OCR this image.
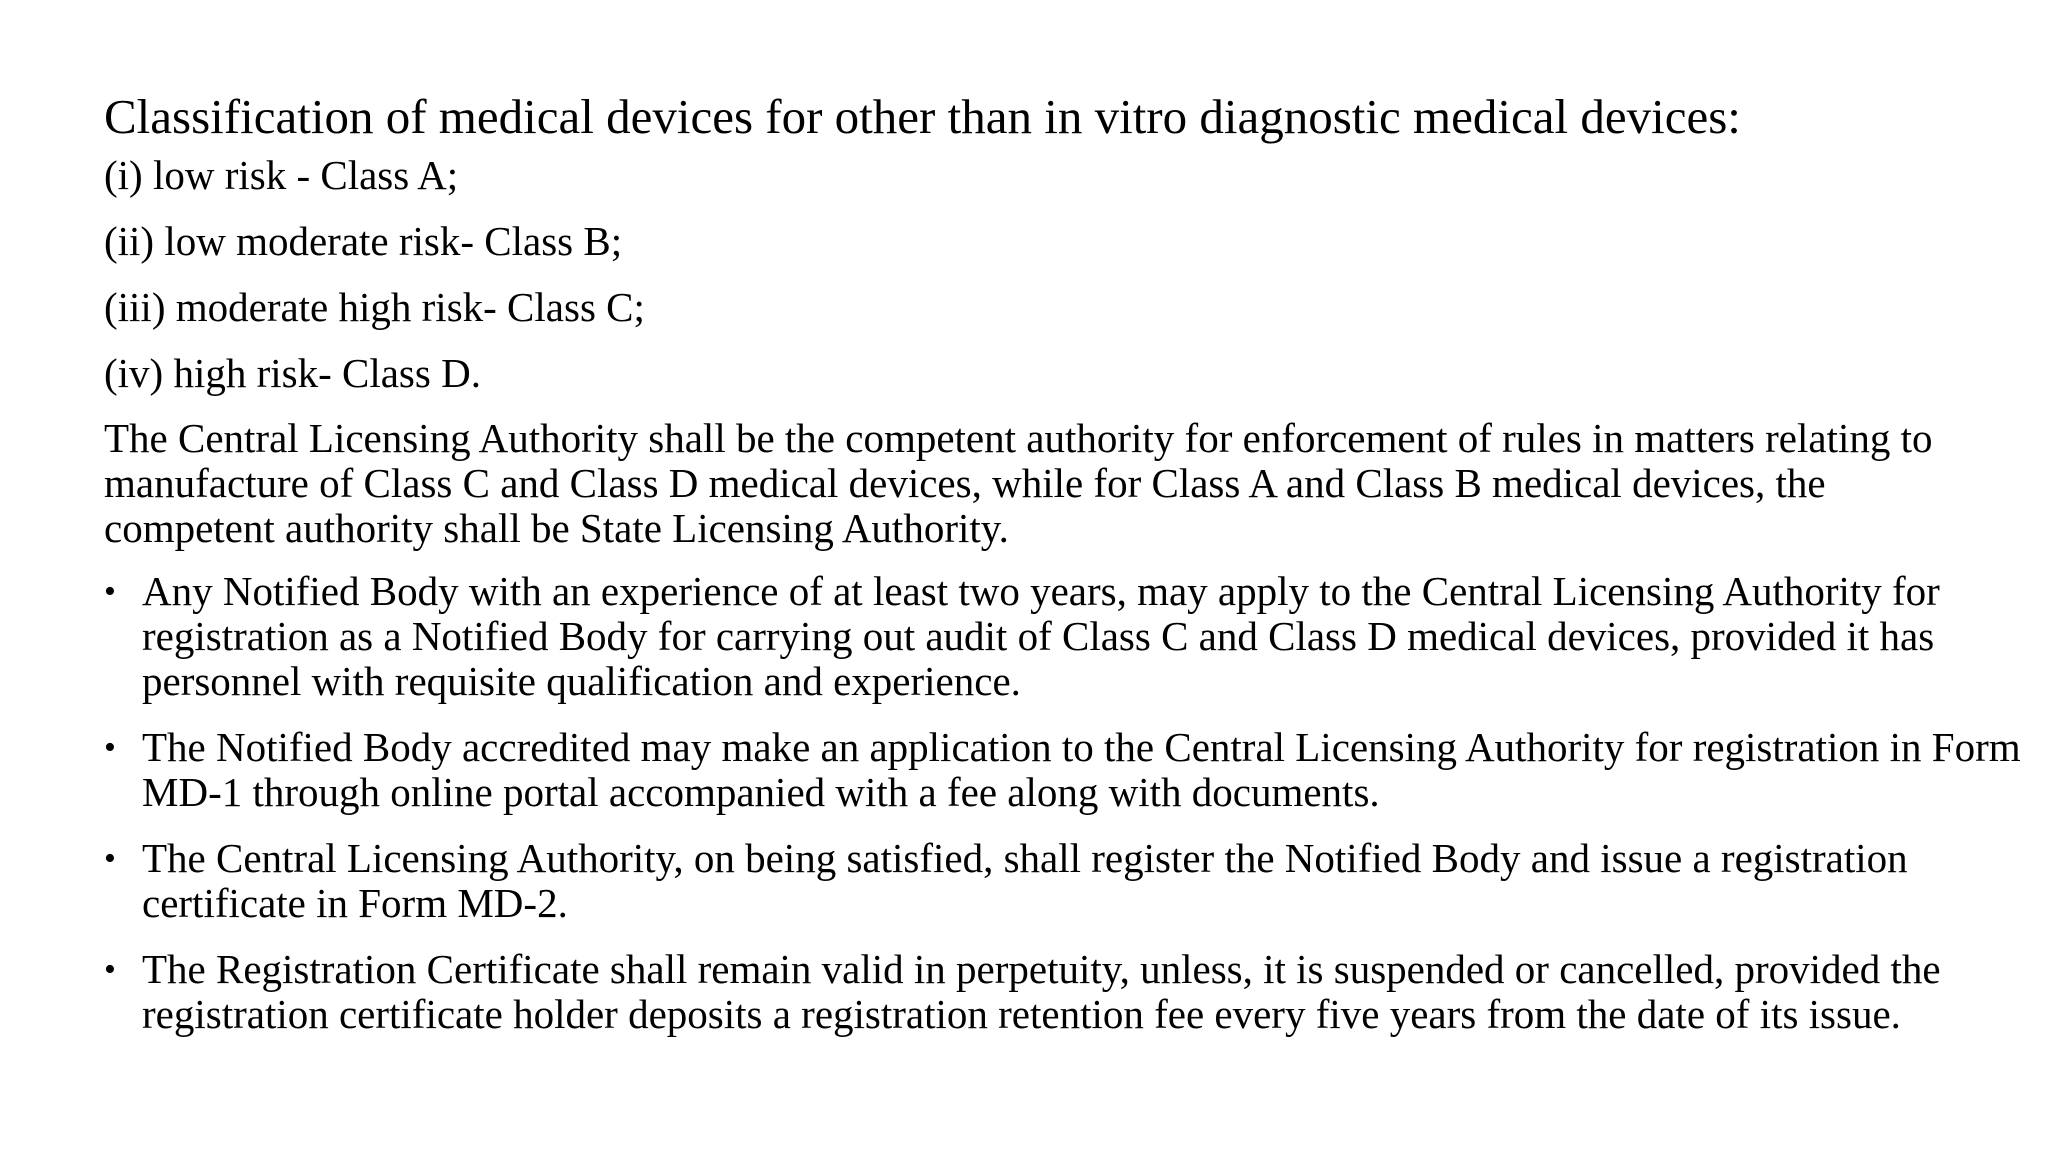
Classification of medical devices for other than in vitro diagnostic medical devices:
(i) low risk - Class A;
(ii) low moderate risk- Class B;
(iii) moderate high risk- Class C;
(iv) high risk- Class D.

The Central Licensing Authority shall be the competent authority for enforcement of rules in matters relating to manufacture of Class C and Class D medical devices, while for Class A and Class B medical devices, the competent authority shall be State Licensing Authority.

• Any Notified Body with an experience of at least two years, may apply to the Central Licensing Authority for registration as a Notified Body for carrying out audit of Class C and Class D medical devices, provided it has personnel with requisite qualification and experience.
• The Notified Body accredited may make an application to the Central Licensing Authority for registration in Form MD-1 through online portal accompanied with a fee along with documents.
• The Central Licensing Authority, on being satisfied, shall register the Notified Body and issue a registration certificate in Form MD-2.
• The Registration Certificate shall remain valid in perpetuity, unless, it is suspended or cancelled, provided the registration certificate holder deposits a registration retention fee every five years from the date of its issue.
